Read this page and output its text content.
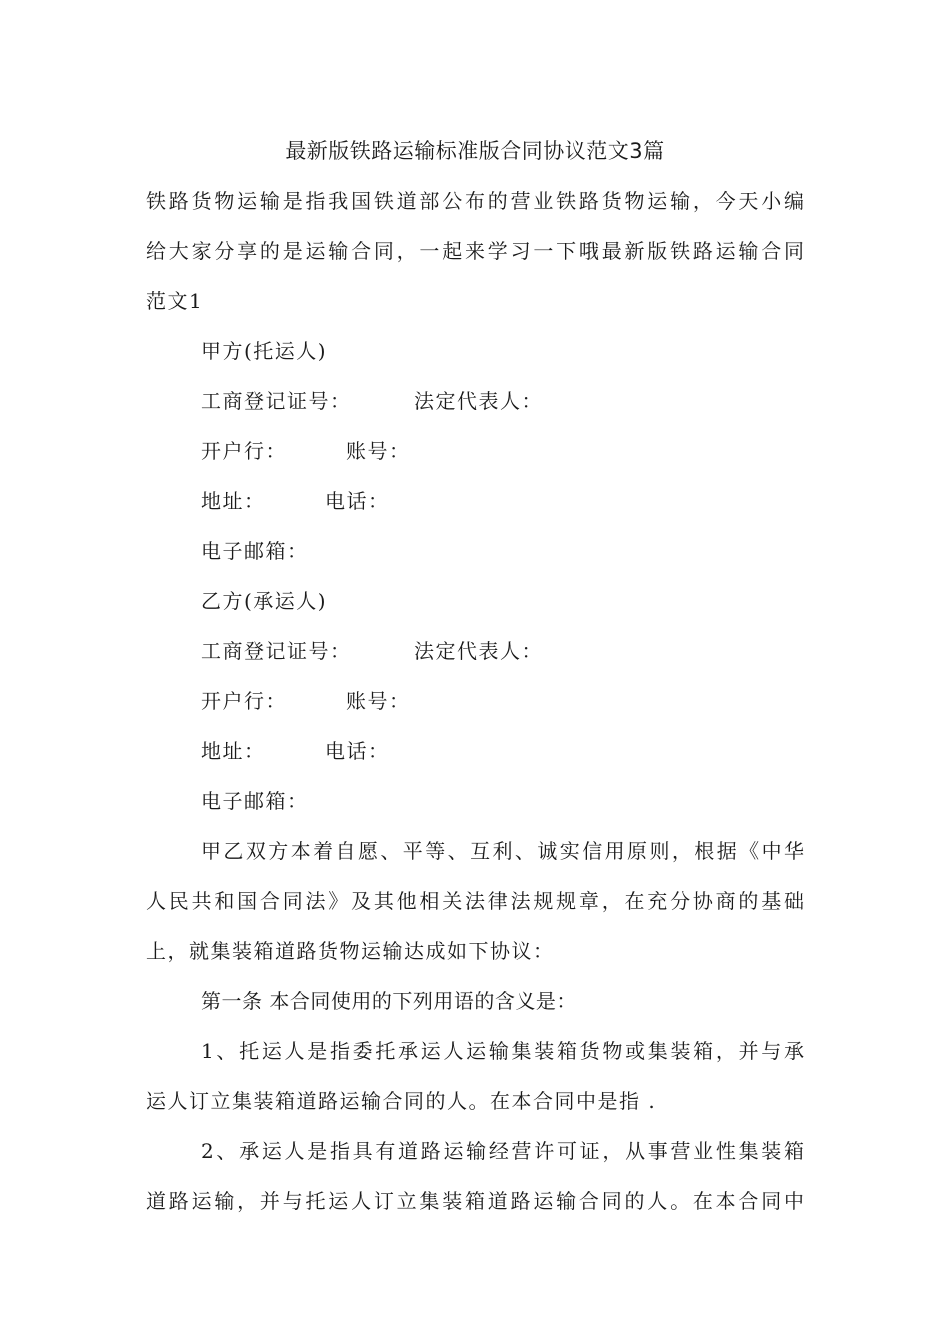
最新版铁路运输标准版合同协议范文3篇
铁路货物运输是指我国铁道部公布的营业铁路货物运输，今天小编
给大家分享的是运输合同，一起来学习一下哦最新版铁路运输合同
范文1
甲方(托运人)
工商登记证号：	法定代表人：
开户行：	账号：
地址：	电话：
电子邮箱：
乙方(承运人)
工商登记证号：	法定代表人：
开户行：	账号：
地址：	电话：
电子邮箱：
甲乙双方本着自愿、平等、互利、诚实信用原则，根据《中华
人民共和国合同法》及其他相关法律法规规章，在充分协商的基础
上，就集装箱道路货物运输达成如下协议：
第一条 本合同使用的下列用语的含义是：
1、托运人是指委托承运人运输集装箱货物或集装箱，并与承
运人订立集装箱道路运输合同的人。在本合同中是指 .
2、承运人是指具有道路运输经营许可证，从事营业性集装箱
道路运输，并与托运人订立集装箱道路运输合同的人。在本合同中
